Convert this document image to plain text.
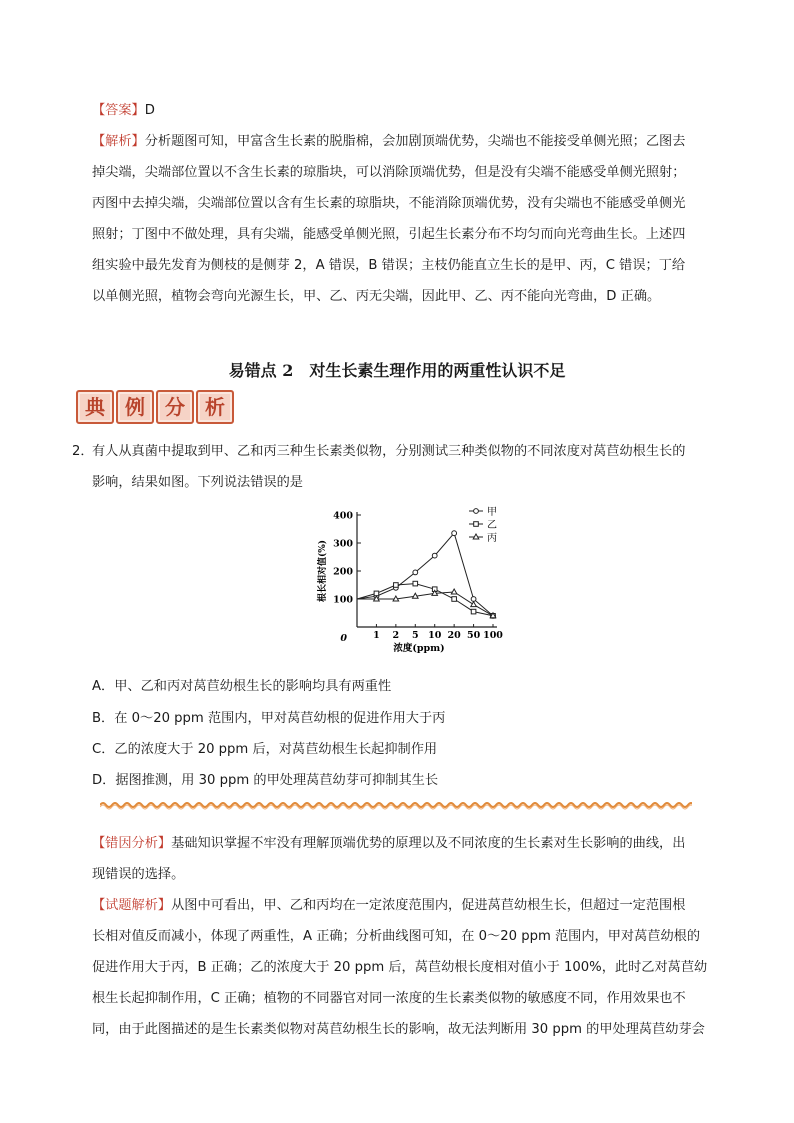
【答案】D

【解析】分析题图可知，甲富含生长素的脱脂棉，会加剧顶端优势，尖端也不能接受单侧光照；乙图去

掉尖端，尖端部位置以不含生长素的琼脂块，可以消除顶端优势，但是没有尖端不能感受单侧光照射；

丙图中去掉尖端，尖端部位置以含有生长素的琼脂块，不能消除顶端优势，没有尖端也不能感受单侧光

照射；丁图中不做处理，具有尖端，能感受单侧光照，引起生长素分布不均匀而向光弯曲生长。上述四

组实验中最先发育为侧枝的是侧芽 2，A 错误，B 错误；主枝仍能直立生长的是甲、丙，C 错误；丁给

以单侧光照，植物会弯向光源生长，甲、乙、丙无尖端，因此甲、乙、丙不能向光弯曲，D 正确。

易错点 2　对生长素生理作用的两重性认识不足
典	例	分	析
2．
有人从真菌中提取到甲、乙和丙三种生长素类似物，分别测试三种类似物的不同浓度对莴苣幼根生长的
影响，结果如图。下列说法错误的是
0
100
200
300
400
1 2 5 10 20 50 100
浓度(ppm)
根长相对值(%)
甲
乙
丙
A．甲、乙和丙对莴苣幼根生长的影响均具有两重性
B．在 0～20 ppm 范围内，甲对莴苣幼根的促进作用大于丙
C．乙的浓度大于 20 ppm 后，对莴苣幼根生长起抑制作用
D．据图推测，用 30 ppm 的甲处理莴苣幼芽可抑制其生长

【错因分析】基础知识掌握不牢没有理解顶端优势的原理以及不同浓度的生长素对生长影响的曲线，出

现错误的选择。

【试题解析】从图中可看出，甲、乙和丙均在一定浓度范围内，促进莴苣幼根生长，但超过一定范围根

长相对值反而减小，体现了两重性，A 正确；分析曲线图可知，在 0～20 ppm 范围内，甲对莴苣幼根的

促进作用大于丙，B 正确；乙的浓度大于 20 ppm 后，莴苣幼根长度相对值小于 100%，此时乙对莴苣幼

根生长起抑制作用，C 正确；植物的不同器官对同一浓度的生长素类似物的敏感度不同，作用效果也不

同，由于此图描述的是生长素类似物对莴苣幼根生长的影响，故无法判断用 30 ppm 的甲处理莴苣幼芽会
